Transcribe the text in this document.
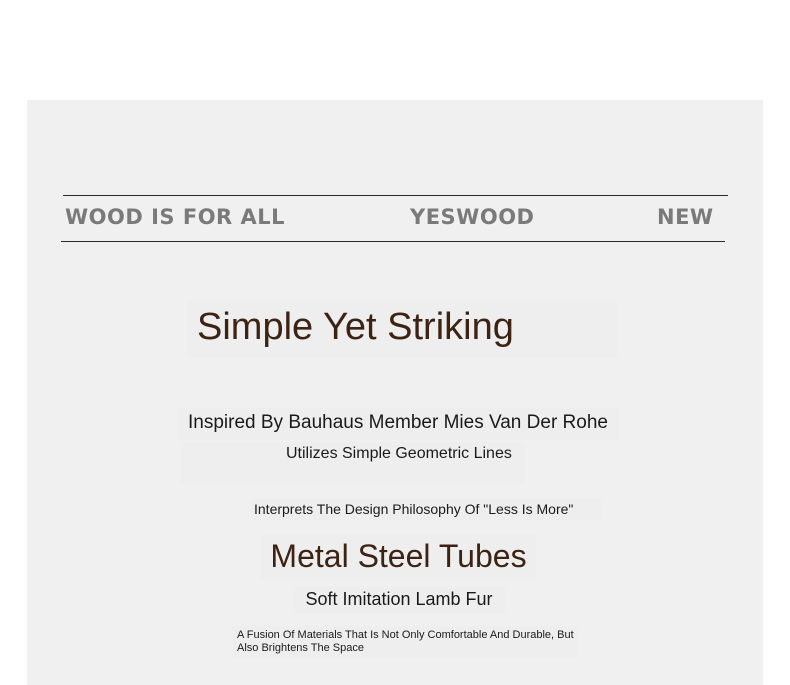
WOOD IS FOR ALL	YESWOOD	NEW
Simple Yet Striking
Inspired By Bauhaus Member Mies Van Der Rohe
Utilizes Simple Geometric Lines
Interprets The Design Philosophy Of "Less Is More"
Metal Steel Tubes
Soft Imitation Lamb Fur
A Fusion Of Materials That Is Not Only Comfortable And Durable, But Also Brightens The Space
